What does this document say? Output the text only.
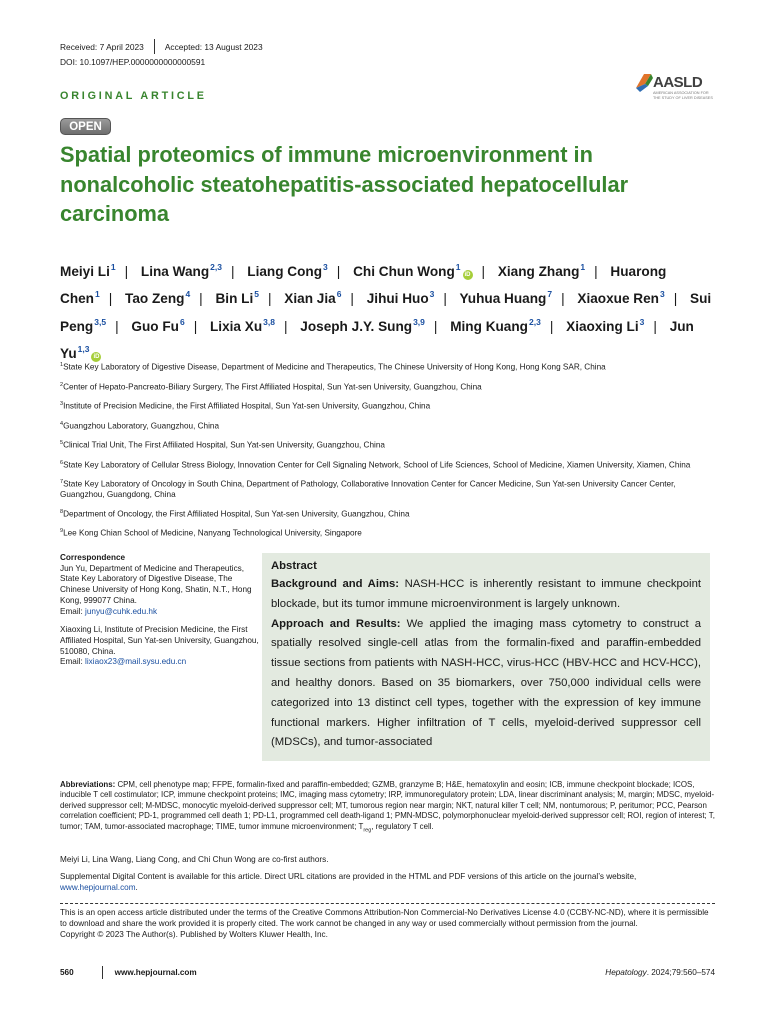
Received: 7 April 2023	Accepted: 13 August 2023
DOI: 10.1097/HEP.0000000000000591
AASLD
AMERICAN ASSOCIATION FOR THE STUDY OF LIVER DISEASES
ORIGINAL ARTICLE
OPEN
Spatial proteomics of immune microenvironment in nonalcoholic steatohepatitis-associated hepatocellular carcinoma
Meiyi Li$^1$ | Lina Wang$^{2,3}$ | Liang Cong$^3$ | Chi Chun Wong$^1$iD | Xiang Zhang$^1$ | Huarong Chen$^1$ | Tao Zeng$^4$ | Bin Li$^5$ | Xian Jia$^6$ | Jihui Huo$^3$ | Yuhua Huang$^7$ | Xiaoxue Ren$^3$ | Sui Peng$^{3,5}$ | Guo Fu$^6$ | Lixia Xu$^{3,8}$ | Joseph J.Y. Sung$^{3,9}$ | Ming Kuang$^{2,3}$ | Xiaoxing Li$^3$ | Jun Yu$^{1,3}$iD

$^1$State Key Laboratory of Digestive Disease, Department of Medicine and Therapeutics, The Chinese University of Hong Kong, Hong Kong SAR, China

$^2$Center of Hepato-Pancreato-Biliary Surgery, The First Affiliated Hospital, Sun Yat-sen University, Guangzhou, China

$^3$Institute of Precision Medicine, the First Affiliated Hospital, Sun Yat-sen University, Guangzhou, China

$^4$Guangzhou Laboratory, Guangzhou, China

$^5$Clinical Trial Unit, The First Affiliated Hospital, Sun Yat-sen University, Guangzhou, China

$^6$State Key Laboratory of Cellular Stress Biology, Innovation Center for Cell Signaling Network, School of Life Sciences, School of Medicine, Xiamen University, Xiamen, China

$^7$State Key Laboratory of Oncology in South China, Department of Pathology, Collaborative Innovation Center for Cancer Medicine, Sun Yat-sen University Cancer Center, Guangzhou, Guangdong, China

$^8$Department of Oncology, the First Affiliated Hospital, Sun Yat-sen University, Guangzhou, China

$^9$Lee Kong Chian School of Medicine, Nanyang Technological University, Singapore

Correspondence
Jun Yu, Department of Medicine and Therapeutics, State Key Laboratory of Digestive Disease, The Chinese University of Hong Kong, Shatin, N.T., Hong Kong, 999077 China.
Email: junyu@cuhk.edu.hk
Xiaoxing Li, Institute of Precision Medicine, the First Affiliated Hospital, Sun Yat-sen University, Guangzhou, 510080, China.
Email: lixiaox23@mail.sysu.edu.cn
Abstract

Background and Aims: NASH-HCC is inherently resistant to immune checkpoint blockade, but its tumor immune microenvironment is largely unknown.

Approach and Results: We applied the imaging mass cytometry to construct a spatially resolved single-cell atlas from the formalin-fixed and paraffin-embedded tissue sections from patients with NASH-HCC, virus-HCC (HBV-HCC and HCV-HCC), and healthy donors. Based on 35 biomarkers, over 750,000 individual cells were categorized into 13 distinct cell types, together with the expression of key immune functional markers. Higher infiltration of T cells, myeloid-derived suppressor cell (MDSCs), and tumor-associated

Abbreviations: CPM, cell phenotype map; FFPE, formalin-fixed and paraffin-embedded; GZMB, granzyme B; H&E, hematoxylin and eosin; ICB, immune checkpoint blockade; ICOS, inducible T cell costimulator; ICP, immune checkpoint proteins; IMC, imaging mass cytometry; IRP, immunoregulatory protein; LDA, linear discriminant analysis; M, margin; MDSC, myeloid-derived suppressor cell; M-MDSC, monocytic myeloid-derived suppressor cell; MT, tumorous region near margin; NKT, natural killer T cell; NM, nontumorous; P, peritumor; PCC, Pearson correlation coefficient; PD-1, programmed cell death 1; PD-L1, programmed cell death-ligand 1; PMN-MDSC, polymorphonuclear myeloid-derived suppressor cell; ROI, region of interest; T, tumor; TAM, tumor-associated macrophage; TIME, tumor immune microenvironment; $T_{reg}$, regulatory T cell.
Meiyi Li, Lina Wang, Liang Cong, and Chi Chun Wong are co-first authors.
Supplemental Digital Content is available for this article. Direct URL citations are provided in the HTML and PDF versions of this article on the journal’s website, www.hepjournal.com.
This is an open access article distributed under the terms of the Creative Commons Attribution-Non Commercial-No Derivatives License 4.0 (CCBY-NC-ND), where it is permissible to download and share the work provided it is properly cited. The work cannot be changed in any way or used commercially without permission from the journal.
Copyright © 2023 The Author(s). Published by Wolters Kluwer Health, Inc.
560	www.hepjournal.com	Hepatology. 2024;79:560–574
